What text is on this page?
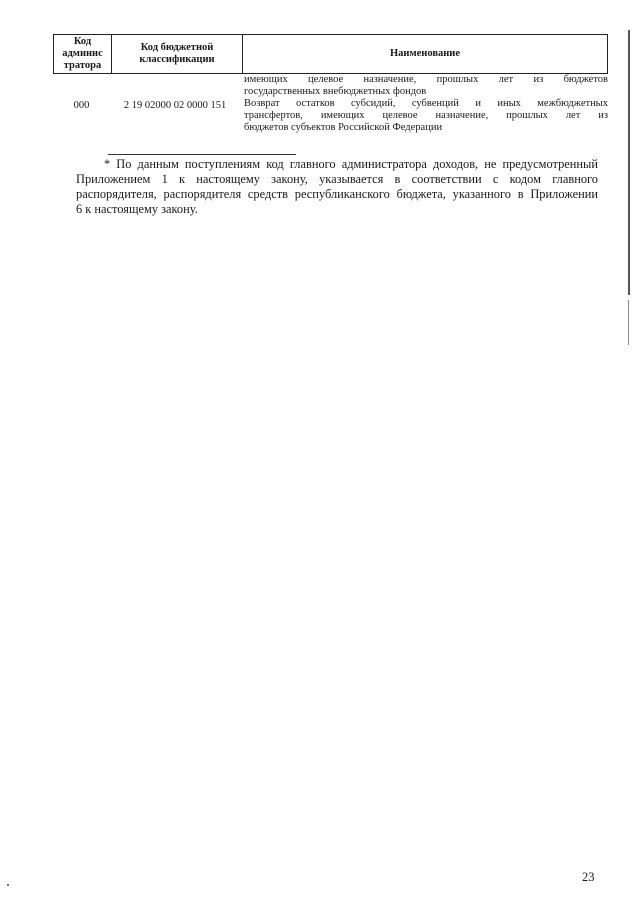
Код
админис
тратора
Код бюджетной
классификации
Наименование
000	2 19 02000 02 0000 151
имеющих целевое назначение, прошлых лет из бюджетов
государственных внебюджетных фондов
Возврат остатков субсидий, субвенций и иных межбюджетных
трансфертов, имеющих целевое назначение, прошлых лет из
бюджетов субъектов Российской Федерации
* По данным поступлениям код главного администратора доходов, не предусмотренный
Приложением 1 к настоящему закону, указывается в соответствии с кодом главного
распорядителя, распорядителя средств республиканского бюджета, указанного в Приложении
6 к настоящему закону.
23
